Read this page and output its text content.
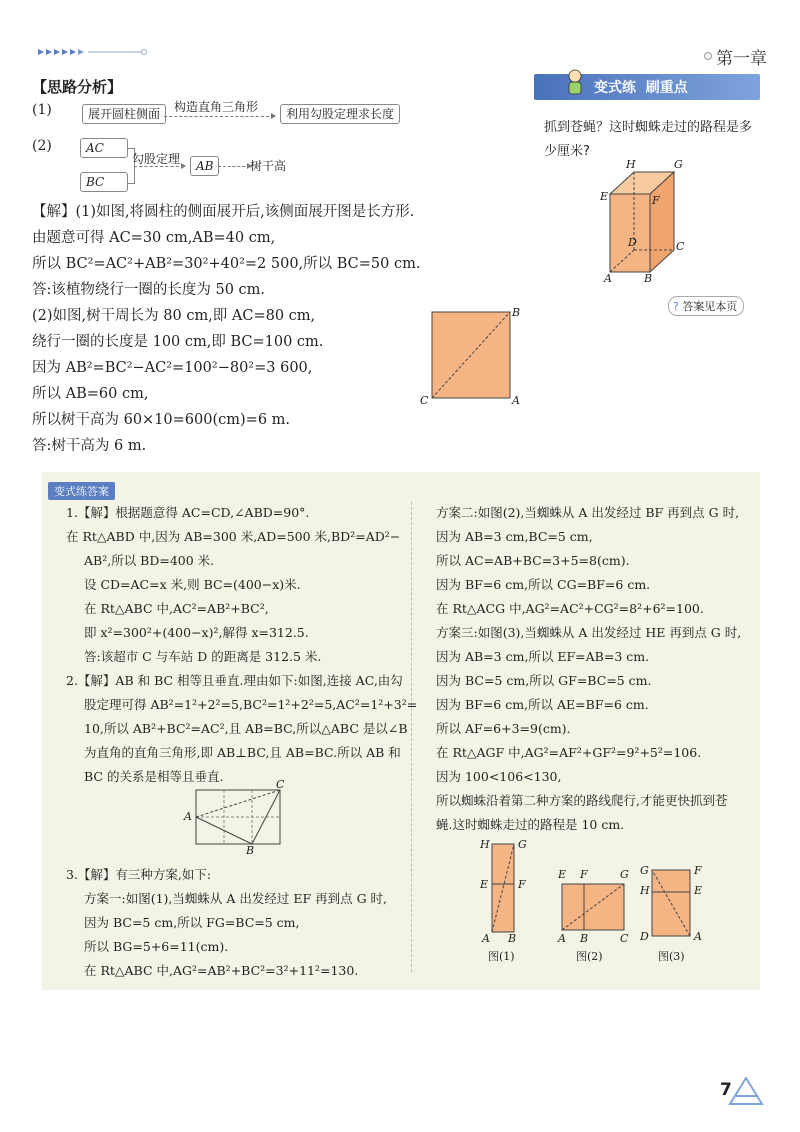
第一章
【思路分析】
(1)	展开圆柱侧面	构造直角三角形	利用勾股定理求长度
(2)	AC
BC
勾股定理	AB	树干高
【解】(1)如图,将圆柱的侧面展开后,该侧面展开图是长方形.
由题意可得 AC=30 cm,AB=40 cm,
所以 BC²=AC²+AB²=30²+40²=2 500,所以 BC=50 cm.
答:该植物绕行一圈的长度为 50 cm.
(2)如图,树干周长为 80 cm,即 AC=80 cm,
绕行一圈的长度是 100 cm,即 BC=100 cm.
因为 AB²=BC²−AC²=100²−80²=3 600,
所以 AB=60 cm,
所以树干高为 60×10=600(cm)=6 m.
答:树干高为 6 m.
B
C	A
变式练  刷重点
抓到苍蝇？这时蜘蛛走过的路程是多
少厘米?
H	G
E	F
D	C
A	B
? 答案见本页
变式练答案
1.【解】根据题意得 AC=CD,∠ABD=90°.
在 Rt△ABD 中,因为 AB=300 米,AD=500 米,BD²=AD²−
AB²,所以 BD=400 米.
设 CD=AC=x 米,则 BC=(400−x)米.
在 Rt△ABC 中,AC²=AB²+BC²,
即 x²=300²+(400−x)²,解得 x=312.5.
答:该超市 C 与车站 D 的距离是 312.5 米.
2.【解】AB 和 BC 相等且垂直.理由如下:如图,连接 AC,由勾
股定理可得 AB²=1²+2²=5,BC²=1²+2²=5,AC²=1²+3²=
10,所以 AB²+BC²=AC²,且 AB=BC,所以△ABC 是以∠B
为直角的直角三角形,即 AB⊥BC,且 AB=BC.所以 AB 和
BC 的关系是相等且垂直.
C
A
B
3.【解】有三种方案,如下:
方案一:如图(1),当蜘蛛从 A 出发经过 EF 再到点 G 时,
因为 BC=5 cm,所以 FG=BC=5 cm,
所以 BG=5+6=11(cm).
在 Rt△ABC 中,AG²=AB²+BC²=3²+11²=130.
方案二:如图(2),当蜘蛛从 A 出发经过 BF 再到点 G 时,
因为 AB=3 cm,BC=5 cm,
所以 AC=AB+BC=3+5=8(cm).
因为 BF=6 cm,所以 CG=BF=6 cm.
在 Rt△ACG 中,AG²=AC²+CG²=8²+6²=100.
方案三:如图(3),当蜘蛛从 A 出发经过 HE 再到点 G 时,
因为 AB=3 cm,所以 EF=AB=3 cm.
因为 BC=5 cm,所以 GF=BC=5 cm.
因为 BF=6 cm,所以 AE=BF=6 cm.
所以 AF=6+3=9(cm).
在 Rt△AGF 中,AG²=AF²+GF²=9²+5²=106.
因为 100<106<130,
所以蜘蛛沿着第二种方案的路线爬行,才能更快抓到苍
蝇.这时蜘蛛走过的路程是 10 cm.
H	G
E	F
A B
图(1)
E F	G
A B	C
图(2)
G	F
H	E
D	A
图(3)
7
